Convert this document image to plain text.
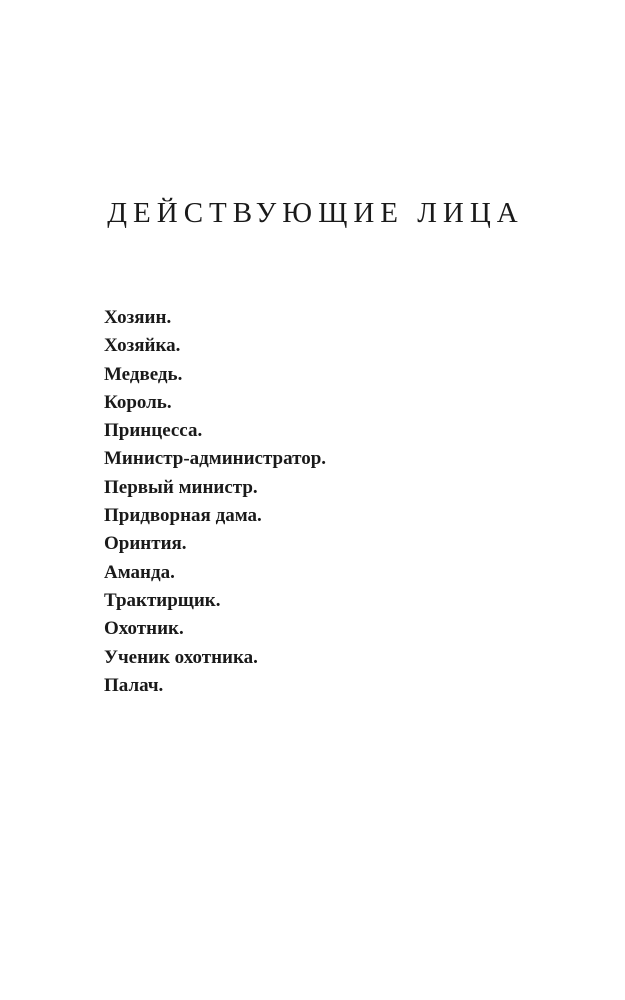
ДЕЙСТВУЮЩИЕ ЛИЦА
Хозяин.
Хозяйка.
Медведь.
Король.
Принцесса.
Министр-администратор.
Первый министр.
Придворная дама.
Оринтия.
Аманда.
Трактирщик.
Охотник.
Ученик охотника.
Палач.
